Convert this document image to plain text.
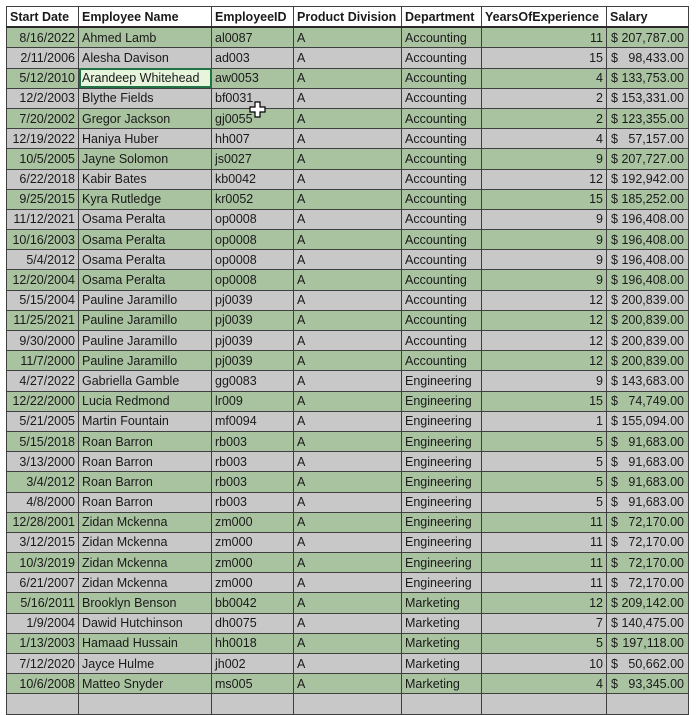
Start Date	Employee Name	EmployeeID	Product Division	Department	YearsOfExperience	Salary
8/16/2022	Ahmed Lamb	al0087	A	Accounting	11	$ 207,787.00

2/11/2006	Alesha Davison	ad003	A	Accounting	15	$ 98,433.00

5/12/2010	Arandeep Whitehead	aw0053	A	Accounting	4	$ 133,753.00

12/2/2003	Blythe Fields	bf0031	A	Accounting	2	$ 153,331.00

7/20/2002	Gregor Jackson	gj0055	A	Accounting	2	$ 123,355.00

12/19/2022	Haniya Huber	hh007	A	Accounting	4	$ 57,157.00

10/5/2005	Jayne Solomon	js0027	A	Accounting	9	$ 207,727.00

6/22/2018	Kabir Bates	kb0042	A	Accounting	12	$ 192,942.00

9/25/2015	Kyra Rutledge	kr0052	A	Accounting	15	$ 185,252.00

11/12/2021	Osama Peralta	op0008	A	Accounting	9	$ 196,408.00

10/16/2003	Osama Peralta	op0008	A	Accounting	9	$ 196,408.00

5/4/2012	Osama Peralta	op0008	A	Accounting	9	$ 196,408.00

12/20/2004	Osama Peralta	op0008	A	Accounting	9	$ 196,408.00

5/15/2004	Pauline Jaramillo	pj0039	A	Accounting	12	$ 200,839.00

11/25/2021	Pauline Jaramillo	pj0039	A	Accounting	12	$ 200,839.00

9/30/2000	Pauline Jaramillo	pj0039	A	Accounting	12	$ 200,839.00

11/7/2000	Pauline Jaramillo	pj0039	A	Accounting	12	$ 200,839.00

4/27/2022	Gabriella Gamble	gg0083	A	Engineering	9	$ 143,683.00

12/22/2000	Lucia Redmond	lr009	A	Engineering	15	$ 74,749.00

5/21/2005	Martin Fountain	mf0094	A	Engineering	1	$ 155,094.00

5/15/2018	Roan Barron	rb003	A	Engineering	5	$ 91,683.00

3/13/2000	Roan Barron	rb003	A	Engineering	5	$ 91,683.00

3/4/2012	Roan Barron	rb003	A	Engineering	5	$ 91,683.00

4/8/2000	Roan Barron	rb003	A	Engineering	5	$ 91,683.00

12/28/2001	Zidan Mckenna	zm000	A	Engineering	11	$ 72,170.00

3/12/2015	Zidan Mckenna	zm000	A	Engineering	11	$ 72,170.00

10/3/2019	Zidan Mckenna	zm000	A	Engineering	11	$ 72,170.00

6/21/2007	Zidan Mckenna	zm000	A	Engineering	11	$ 72,170.00

5/16/2011	Brooklyn Benson	bb0042	A	Marketing	12	$ 209,142.00

1/9/2004	Dawid Hutchinson	dh0075	A	Marketing	7	$ 140,475.00

1/13/2003	Hamaad Hussain	hh0018	A	Marketing	5	$ 197,118.00

7/12/2020	Jayce Hulme	jh002	A	Marketing	10	$ 50,662.00

10/6/2008	Matteo Snyder	ms005	A	Marketing	4	$ 93,345.00
